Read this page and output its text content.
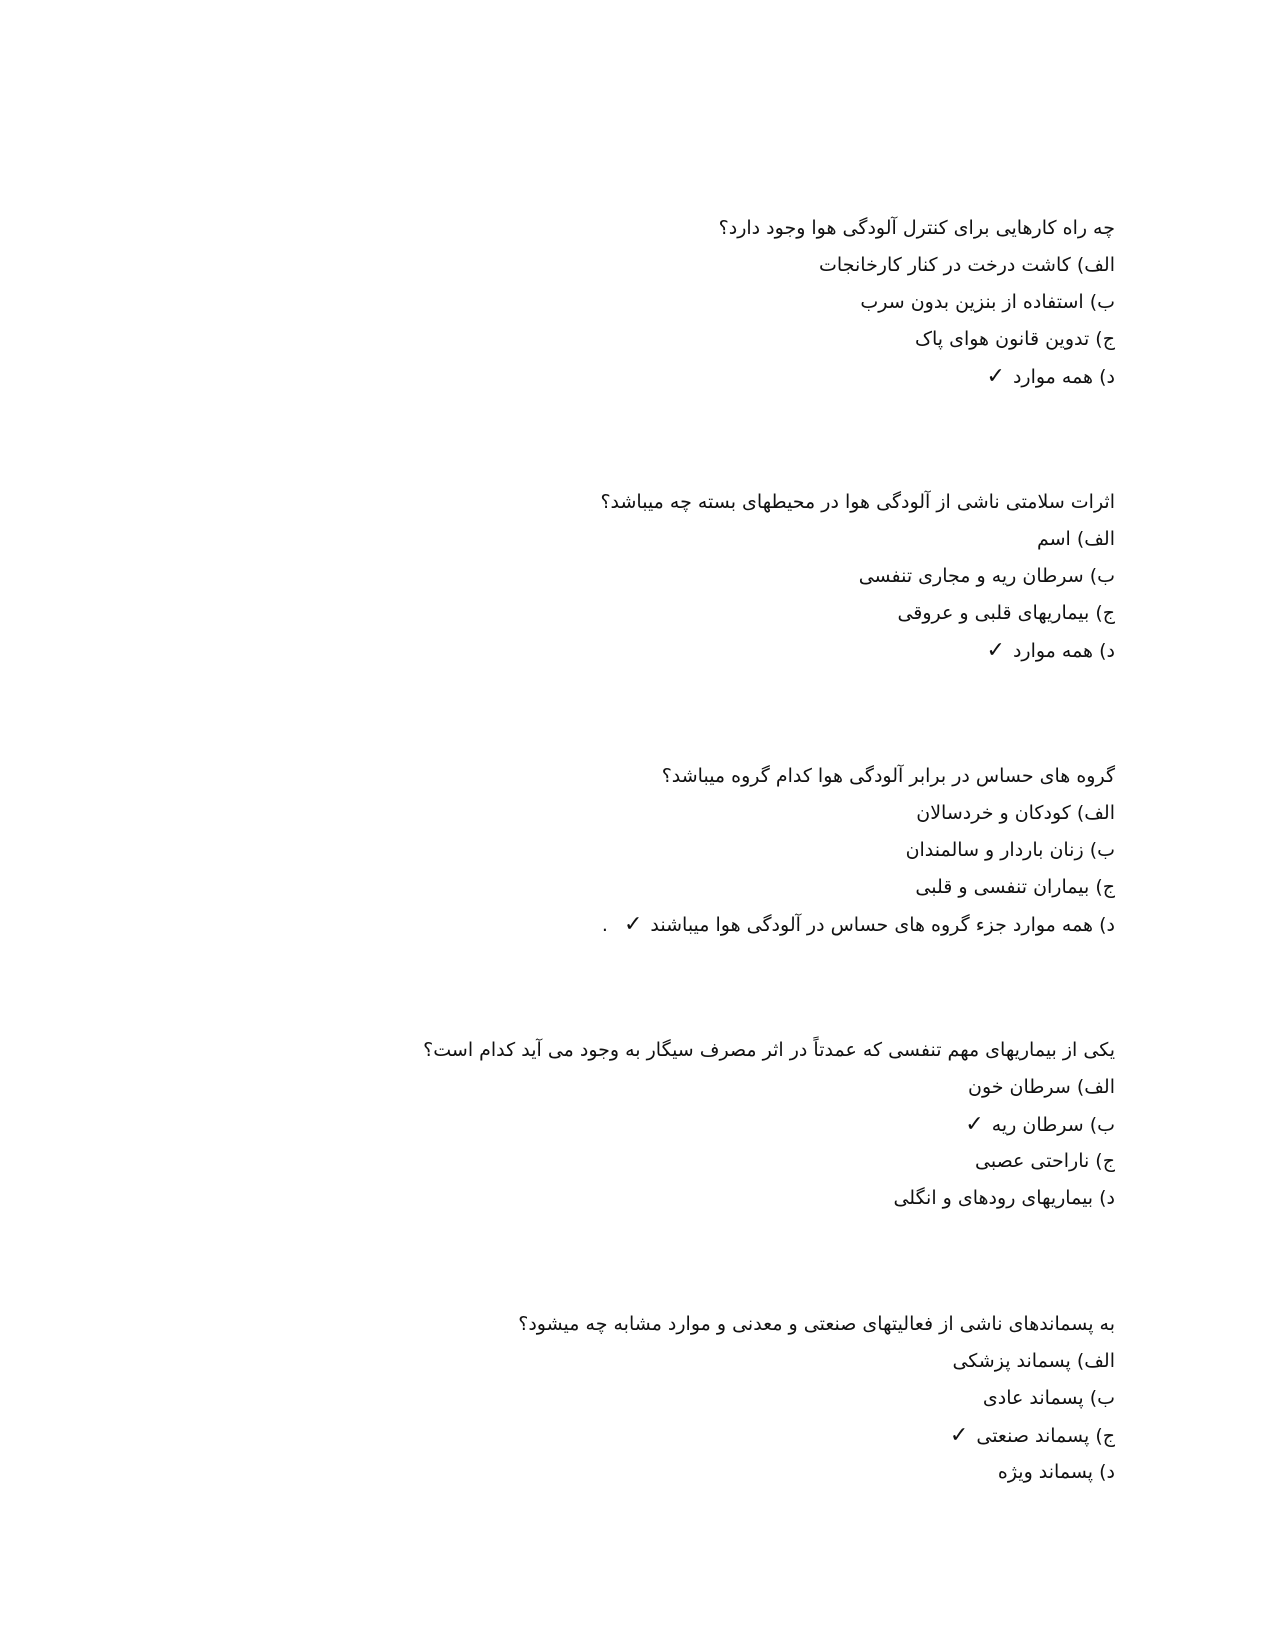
چه راه کارهایی برای کنترل آلودگی هوا وجود دارد؟
الف) کاشت درخت در کنار کارخانجات
ب) استفاده از بنزین بدون سرب
ج) تدوین قانون هوای پاک
د) همه موارد✓
اثرات سلامتی ناشی از آلودگی هوا در محیطهای بسته چه میباشد؟
الف) اسم
ب) سرطان ریه و مجاری تنفسی
ج) بیماریهای قلبی و عروقی
د) همه موارد✓
گروه های حساس در برابر آلودگی هوا کدام گروه میباشد؟
الف) کودکان و خردسالان
ب) زنان باردار و سالمندان
ج) بیماران تنفسی و قلبی
د) همه موارد جزء گروه های حساس در آلودگی هوا میباشند✓.
یکی از بیماریهای مهم تنفسی که عمدتاً در اثر مصرف سیگار به وجود می آید کدام است؟
الف) سرطان خون
ب) سرطان ریه✓
ج) ناراحتی عصبی
د) بیماریهای رودهای و انگلی
به پسماندهای ناشی از فعالیتهای صنعتی و معدنی و موارد مشابه چه میشود؟
الف) پسماند پزشکی
ب) پسماند عادی
ج) پسماند صنعتی✓
د) پسماند ویژه
